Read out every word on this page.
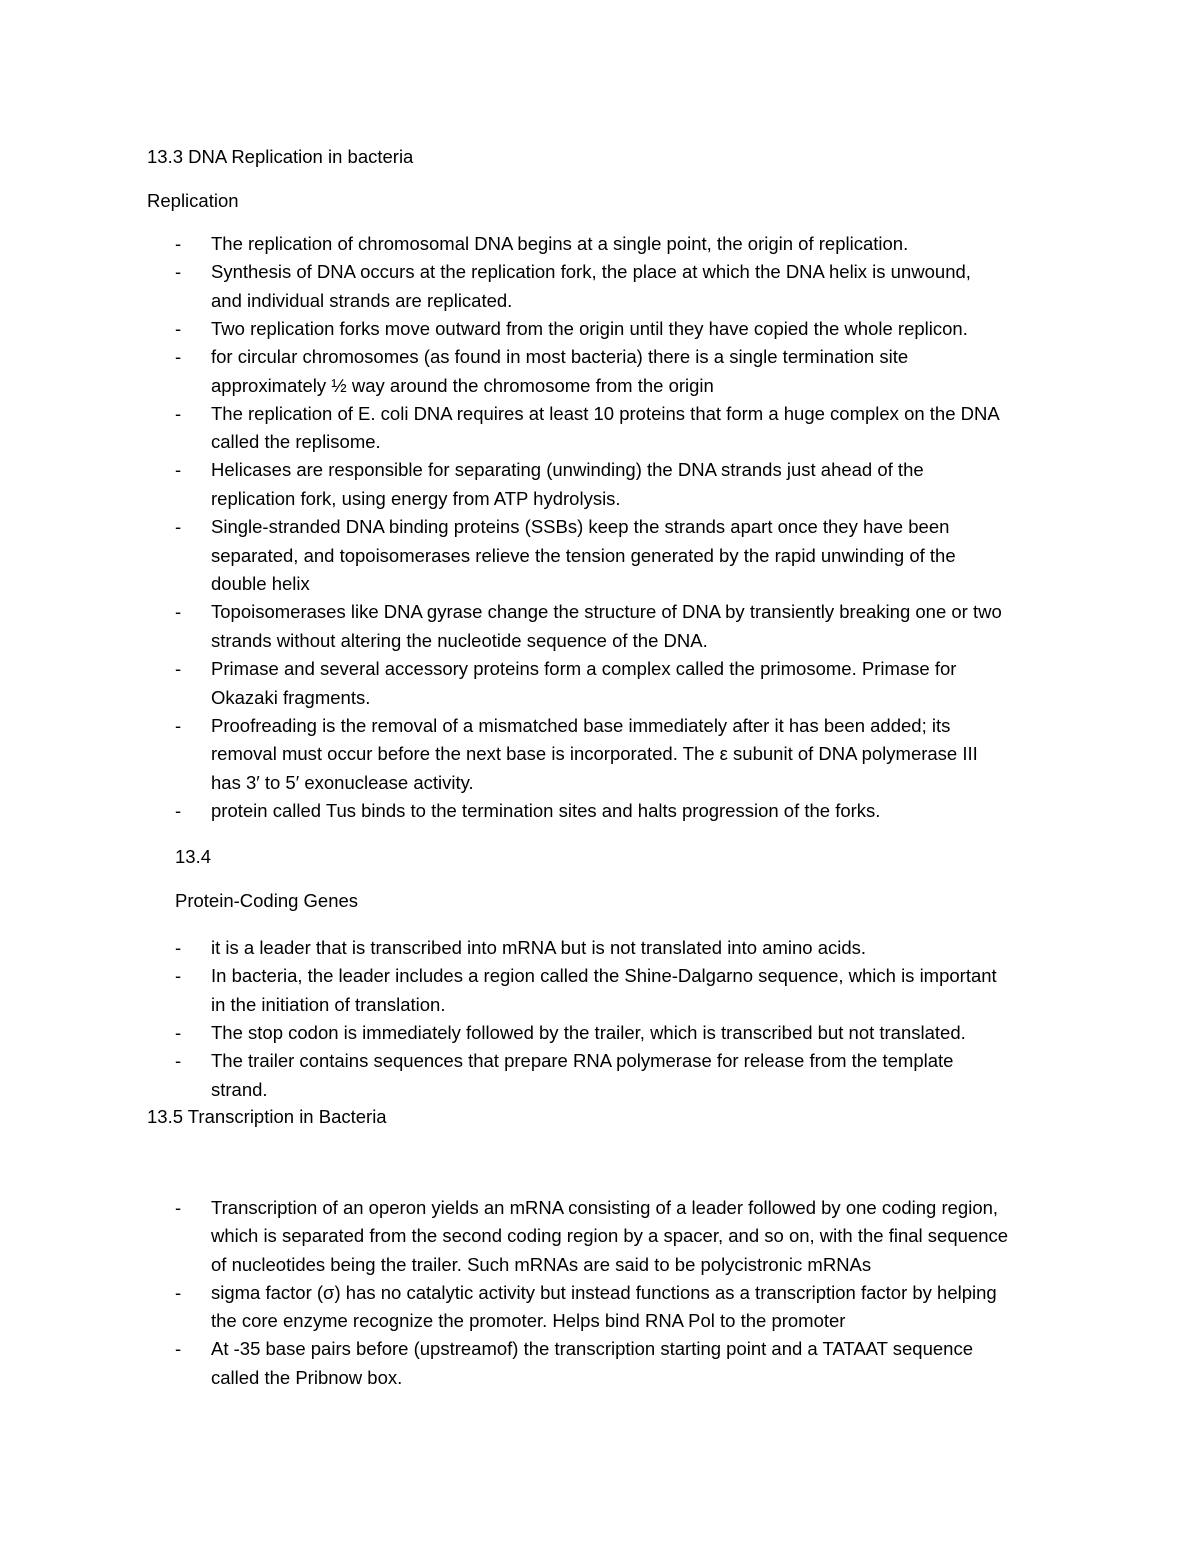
13.3 DNA Replication in bacteria
Replication
- The replication of chromosomal DNA begins at a single point, the origin of replication.
- Synthesis of DNA occurs at the replication fork, the place at which the DNA helix is unwound,
and individual strands are replicated.
- Two replication forks move outward from the origin until they have copied the whole replicon.
- for circular chromosomes (as found in most bacteria) there is a single termination site
approximately ½ way around the chromosome from the origin
- The replication of E. coli DNA requires at least 10 proteins that form a huge complex on the DNA
called the replisome.
- Helicases are responsible for separating (unwinding) the DNA strands just ahead of the
replication fork, using energy from ATP hydrolysis.
- Single-stranded DNA binding proteins (SSBs) keep the strands apart once they have been
separated, and topoisomerases relieve the tension generated by the rapid unwinding of the
double helix
- Topoisomerases like DNA gyrase change the structure of DNA by transiently breaking one or two
strands without altering the nucleotide sequence of the DNA.
- Primase and several accessory proteins form a complex called the primosome. Primase for
Okazaki fragments.
- Proofreading is the removal of a mismatched base immediately after it has been added; its
removal must occur before the next base is incorporated. The ε subunit of DNA polymerase III
has 3′ to 5′ exonuclease activity.
- protein called Tus binds to the termination sites and halts progression of the forks.
13.4
Protein-Coding Genes
- it is a leader that is transcribed into mRNA but is not translated into amino acids.
- In bacteria, the leader includes a region called the Shine-Dalgarno sequence, which is important
in the initiation of translation.
- The stop codon is immediately followed by the trailer, which is transcribed but not translated.
- The trailer contains sequences that prepare RNA polymerase for release from the template
strand.
13.5 Transcription in Bacteria
- Transcription of an operon yields an mRNA consisting of a leader followed by one coding region,
which is separated from the second coding region by a spacer, and so on, with the final sequence
of nucleotides being the trailer. Such mRNAs are said to be polycistronic mRNAs
- sigma factor (σ) has no catalytic activity but instead functions as a transcription factor by helping
the core enzyme recognize the promoter. Helps bind RNA Pol to the promoter
- At -35 base pairs before (upstreamof) the transcription starting point and a TATAAT sequence
called the Pribnow box.
